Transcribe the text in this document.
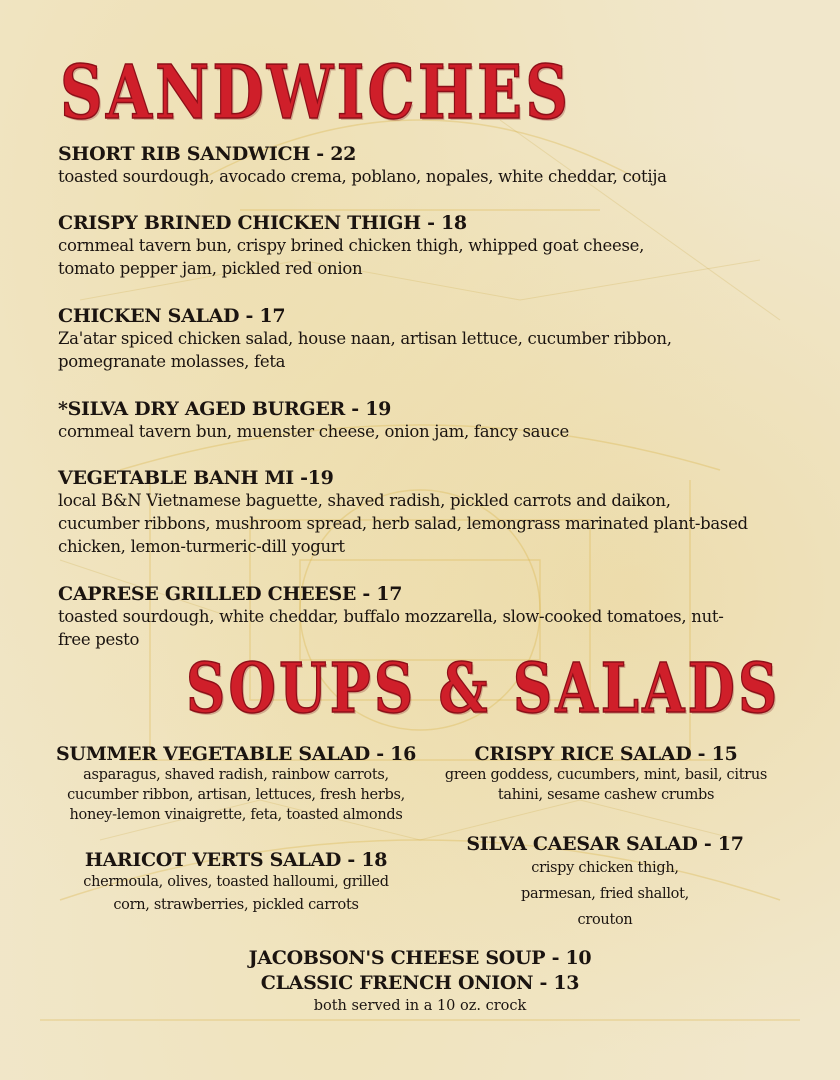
SANDWICHES
SHORT RIB SANDWICH - 22
toasted sourdough, avocado crema, poblano, nopales, white cheddar, cotija
CRISPY BRINED CHICKEN THIGH - 18
cornmeal tavern bun, crispy brined chicken thigh, whipped goat cheese, tomato pepper jam, pickled red onion
CHICKEN SALAD - 17
Za'atar spiced chicken salad, house naan, artisan lettuce, cucumber ribbon, pomegranate molasses, feta
*SILVA DRY AGED BURGER - 19
cornmeal tavern bun, muenster cheese, onion jam, fancy sauce
VEGETABLE BANH MI -19
local B&N Vietnamese baguette, shaved radish, pickled carrots and daikon, cucumber ribbons, mushroom spread, herb salad, lemongrass marinated plant-based chicken, lemon-turmeric-dill yogurt
CAPRESE GRILLED CHEESE - 17
toasted sourdough, white cheddar, buffalo mozzarella, slow-cooked tomatoes, nut-free pesto
SOUPS & SALADS
SUMMER VEGETABLE SALAD - 16
asparagus, shaved radish, rainbow carrots, cucumber ribbon, artisan, lettuces, fresh herbs, honey-lemon vinaigrette, feta, toasted almonds
CRISPY RICE SALAD - 15
green goddess, cucumbers, mint, basil, citrus tahini, sesame cashew crumbs
HARICOT VERTS SALAD - 18
chermoula, olives, toasted halloumi, grilled corn, strawberries, pickled carrots
SILVA CAESAR SALAD - 17
crispy chicken thigh, parmesan, fried shallot, crouton
JACOBSON'S CHEESE SOUP - 10
CLASSIC FRENCH ONION - 13
both served in a 10 oz. crock
